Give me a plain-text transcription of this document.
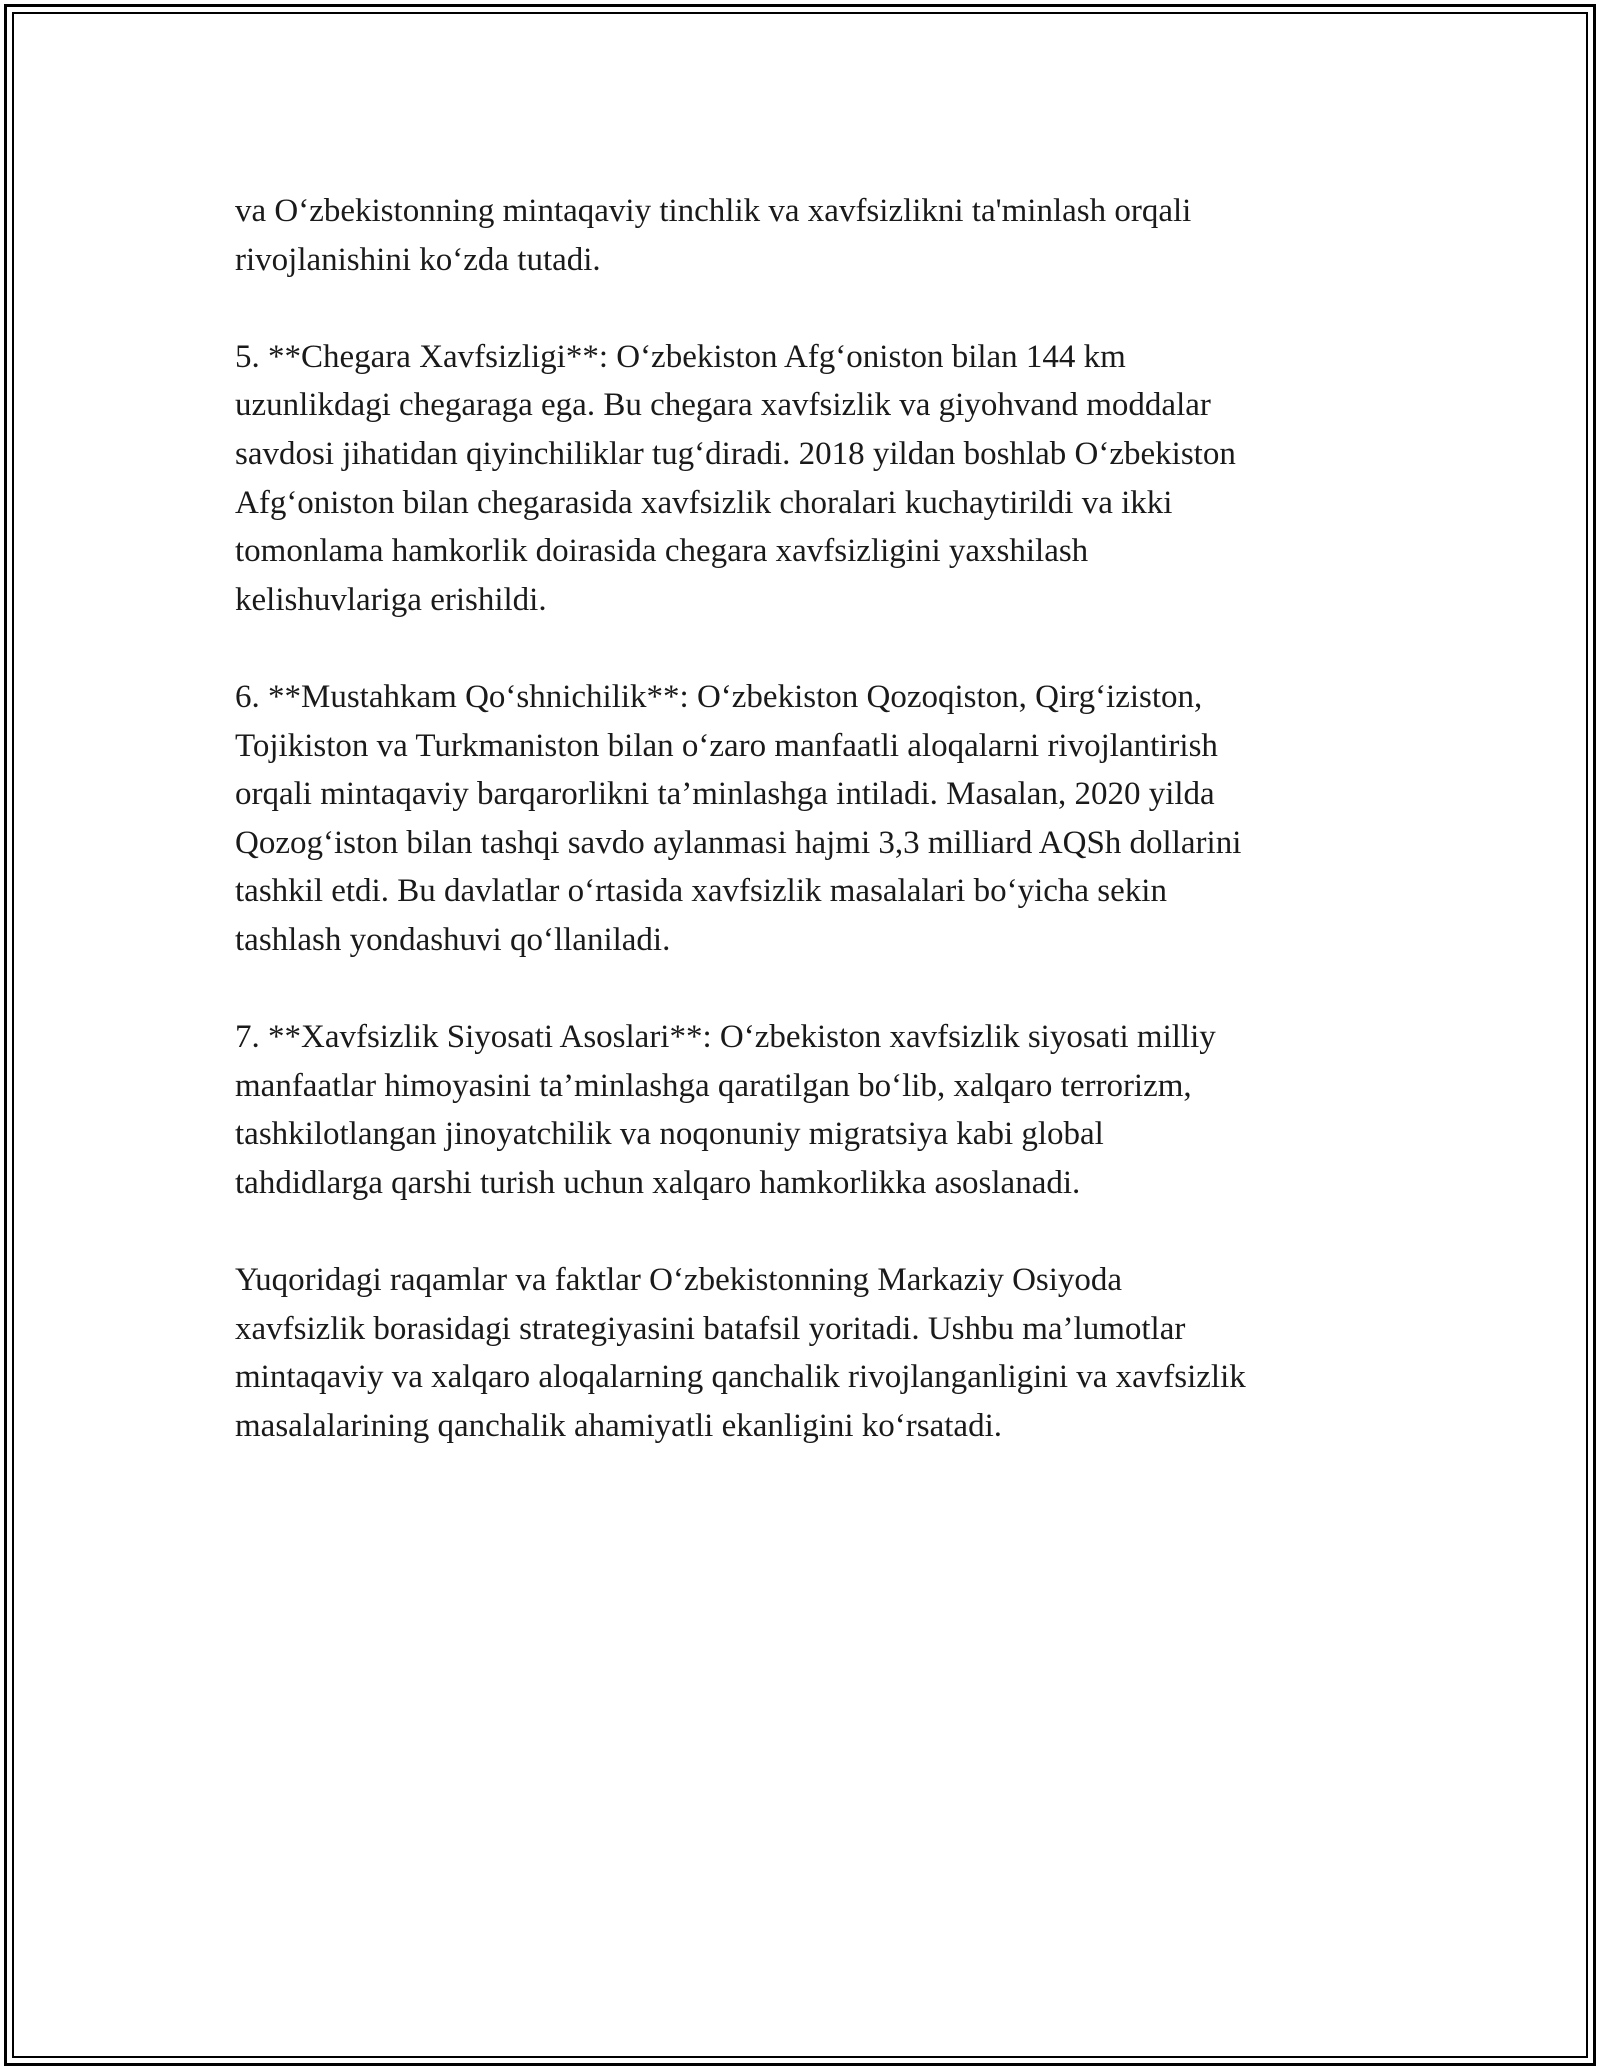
va O‘zbekistonning mintaqaviy tinchlik va xavfsizlikni ta'minlash orqali
rivojlanishini ko‘zda tutadi.

5. **Chegara Xavfsizligi**: O‘zbekiston Afg‘oniston bilan 144 km
uzunlikdagi chegaraga ega. Bu chegara xavfsizlik va giyohvand moddalar
savdosi jihatidan qiyinchiliklar tug‘diradi. 2018 yildan boshlab O‘zbekiston
Afg‘oniston bilan chegarasida xavfsizlik choralari kuchaytirildi va ikki
tomonlama hamkorlik doirasida chegara xavfsizligini yaxshilash
kelishuvlariga erishildi.

6. **Mustahkam Qo‘shnichilik**: O‘zbekiston Qozoqiston, Qirg‘iziston,
Tojikiston va Turkmaniston bilan o‘zaro manfaatli aloqalarni rivojlantirish
orqali mintaqaviy barqarorlikni ta’minlashga intiladi. Masalan, 2020 yilda
Qozog‘iston bilan tashqi savdo aylanmasi hajmi 3,3 milliard AQSh dollarini
tashkil etdi. Bu davlatlar o‘rtasida xavfsizlik masalalari bo‘yicha sekin
tashlash yondashuvi qo‘llaniladi.

7. **Xavfsizlik Siyosati Asoslari**: O‘zbekiston xavfsizlik siyosati milliy
manfaatlar himoyasini ta’minlashga qaratilgan bo‘lib, xalqaro terrorizm,
tashkilotlangan jinoyatchilik va noqonuniy migratsiya kabi global
tahdidlarga qarshi turish uchun xalqaro hamkorlikka asoslanadi.

Yuqoridagi raqamlar va faktlar O‘zbekistonning Markaziy Osiyoda
xavfsizlik borasidagi strategiyasini batafsil yoritadi. Ushbu ma’lumotlar
mintaqaviy va xalqaro aloqalarning qanchalik rivojlanganligini va xavfsizlik
masalalarining qanchalik ahamiyatli ekanligini ko‘rsatadi.
